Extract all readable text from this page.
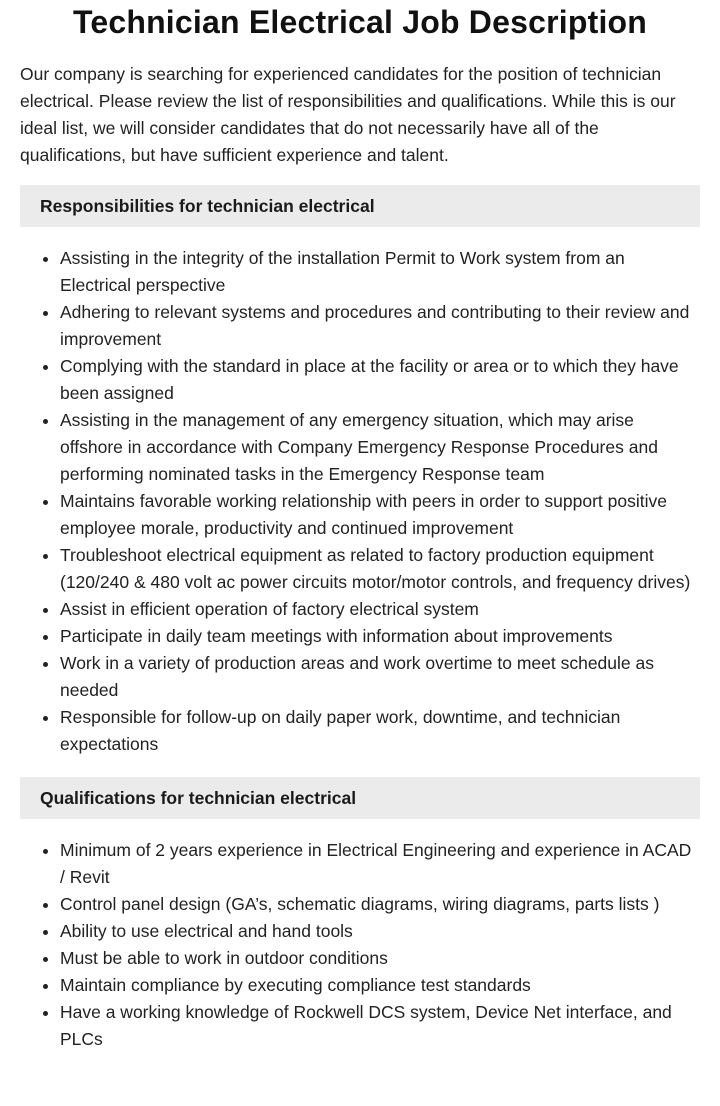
Technician Electrical Job Description

Our company is searching for experienced candidates for the position of technician electrical. Please review the list of responsibilities and qualifications. While this is our ideal list, we will consider candidates that do not necessarily have all of the qualifications, but have sufficient experience and talent.

Responsibilities for technician electrical
• Assisting in the integrity of the installation Permit to Work system from an Electrical perspective
• Adhering to relevant systems and procedures and contributing to their review and improvement
• Complying with the standard in place at the facility or area or to which they have been assigned
• Assisting in the management of any emergency situation, which may arise offshore in accordance with Company Emergency Response Procedures and performing nominated tasks in the Emergency Response team
• Maintains favorable working relationship with peers in order to support positive employee morale, productivity and continued improvement
• Troubleshoot electrical equipment as related to factory production equipment (120/240 & 480 volt ac power circuits motor/motor controls, and frequency drives)
• Assist in efficient operation of factory electrical system
• Participate in daily team meetings with information about improvements
• Work in a variety of production areas and work overtime to meet schedule as needed
• Responsible for follow-up on daily paper work, downtime, and technician expectations
Qualifications for technician electrical
• Minimum of 2 years experience in Electrical Engineering and experience in ACAD / Revit
• Control panel design (GA’s, schematic diagrams, wiring diagrams, parts lists )
• Ability to use electrical and hand tools
• Must be able to work in outdoor conditions
• Maintain compliance by executing compliance test standards
• Have a working knowledge of Rockwell DCS system, Device Net interface, and PLCs
